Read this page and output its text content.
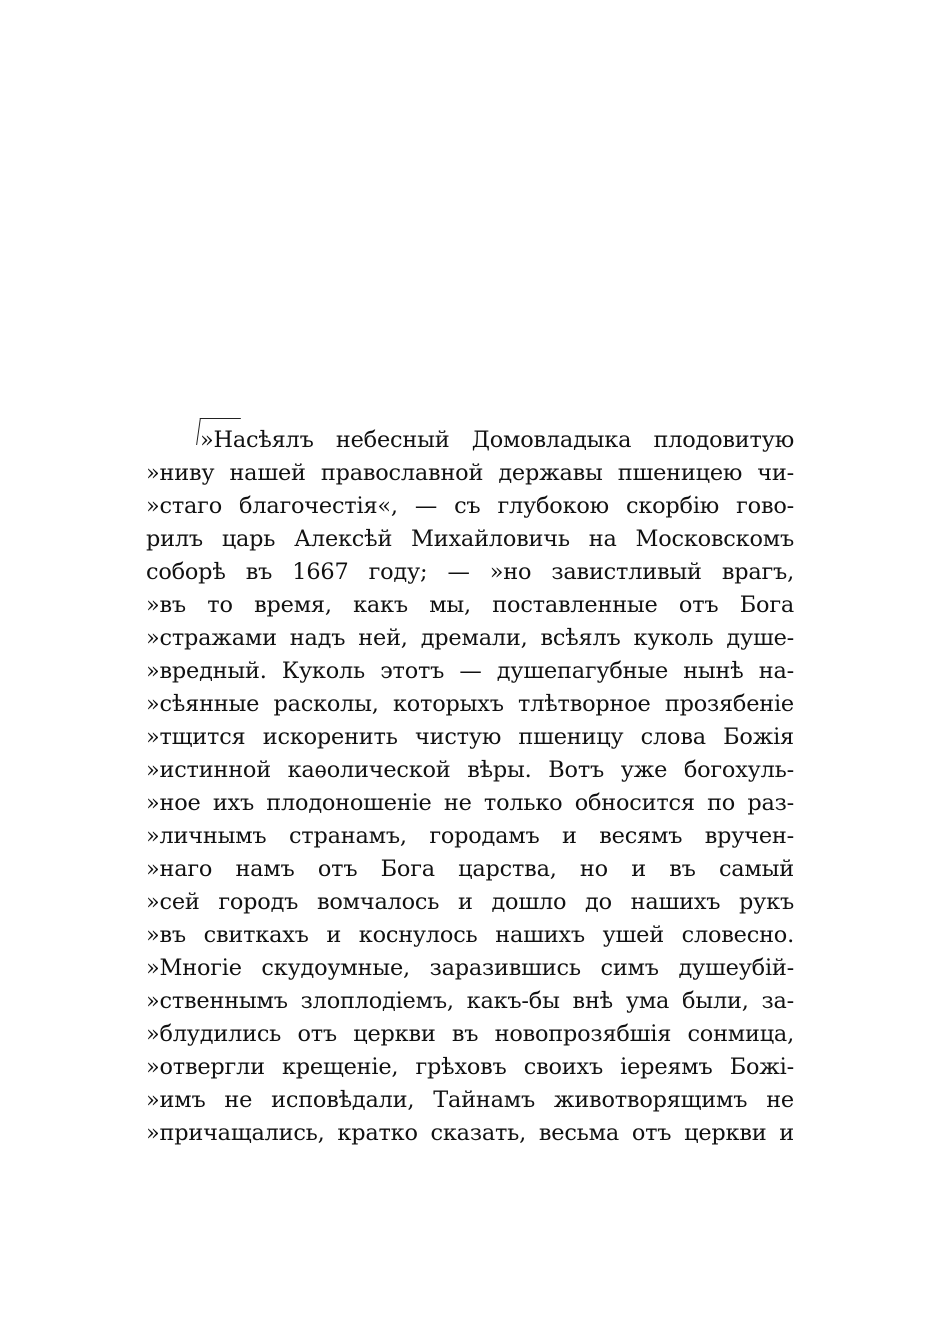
»Насѣялъ небесный Домовладыка плодовитую
»ниву нашей православной державы пшеницею чи-
»стаго благочестія«, — съ глубокою скорбію гово-
рилъ царь Алексѣй Михайловичь на Московскомъ
соборѣ въ 1667 году; — »но завистливый врагъ,
»въ то время, какъ мы, поставленные отъ Бога
»стражами надъ ней, дремали, всѣялъ куколь душе-
»вредный. Куколь этотъ — душепагубные нынѣ на-
»сѣянные расколы, которыхъ тлѣтворное прозябеніе
»тщится искоренить чистую пшеницу слова Божія
»истинной каѳолической вѣры. Вотъ уже богохуль-
»ное ихъ плодоношеніе не только обносится по раз-
»личнымъ странамъ, городамъ и весямъ вручен-
»наго намъ отъ Бога царства, но и въ самый
»сей городъ вомчалось и дошло до нашихъ рукъ
»въ свиткахъ и коснулось нашихъ ушей словесно.
»Многіе скудоумные, заразившись симъ душеубій-
»ственнымъ злоплодіемъ, какъ-бы внѣ ума были, за-
»блудились отъ церкви въ новопрозябшія сонмица,
»отвергли крещеніе, грѣховъ своихъ іереямъ Божі-
»имъ не исповѣдали, Тайнамъ животворящимъ не
»причащались, кратко сказать, весьма отъ церкви и
